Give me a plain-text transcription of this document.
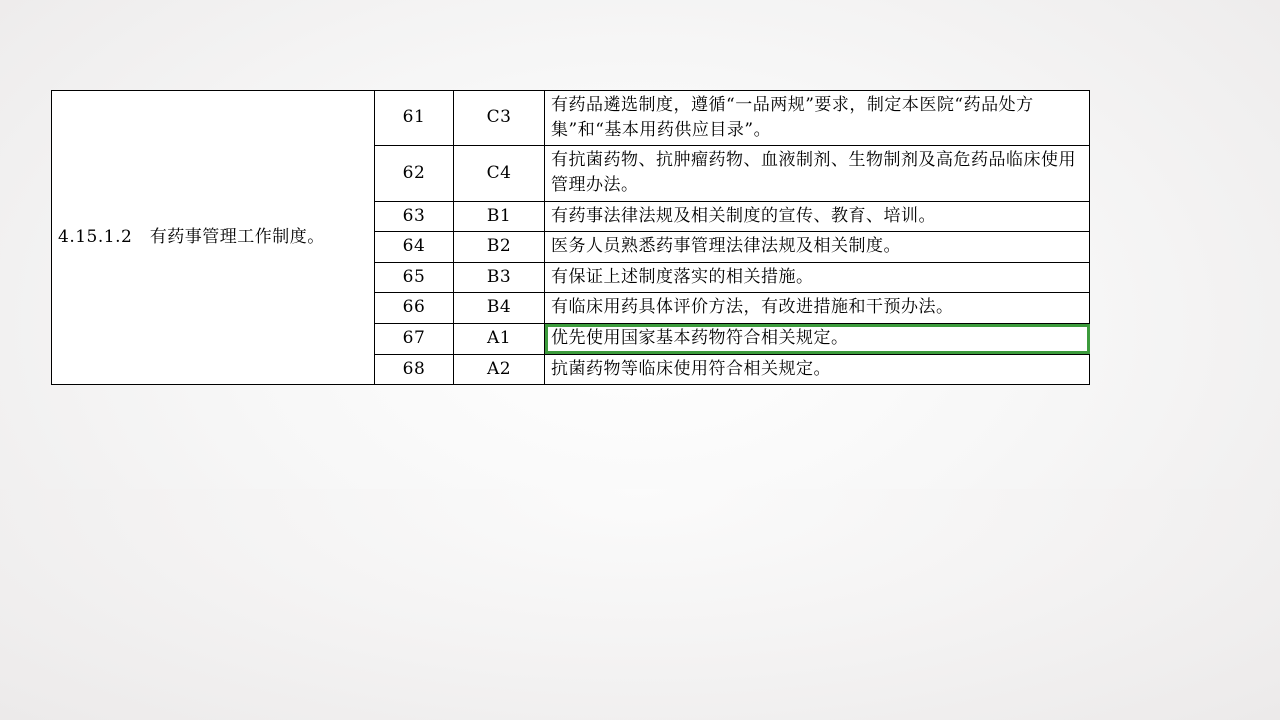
4.15.1.2　有药事管理工作制度。	61	C3	有药品遴选制度，遵循“一品两规”要求，制定本医院“药品处方集”和“基本用药供应目录”。
	62	C4	有抗菌药物、抗肿瘤药物、血液制剂、生物制剂及高危药品临床使用管理办法。
	63	B1	有药事法律法规及相关制度的宣传、教育、培训。
	64	B2	医务人员熟悉药事管理法律法规及相关制度。
	65	B3	有保证上述制度落实的相关措施。
	66	B4	有临床用药具体评价方法，有改进措施和干预办法。
	67	A1	优先使用国家基本药物符合相关规定。
	68	A2	抗菌药物等临床使用符合相关规定。
